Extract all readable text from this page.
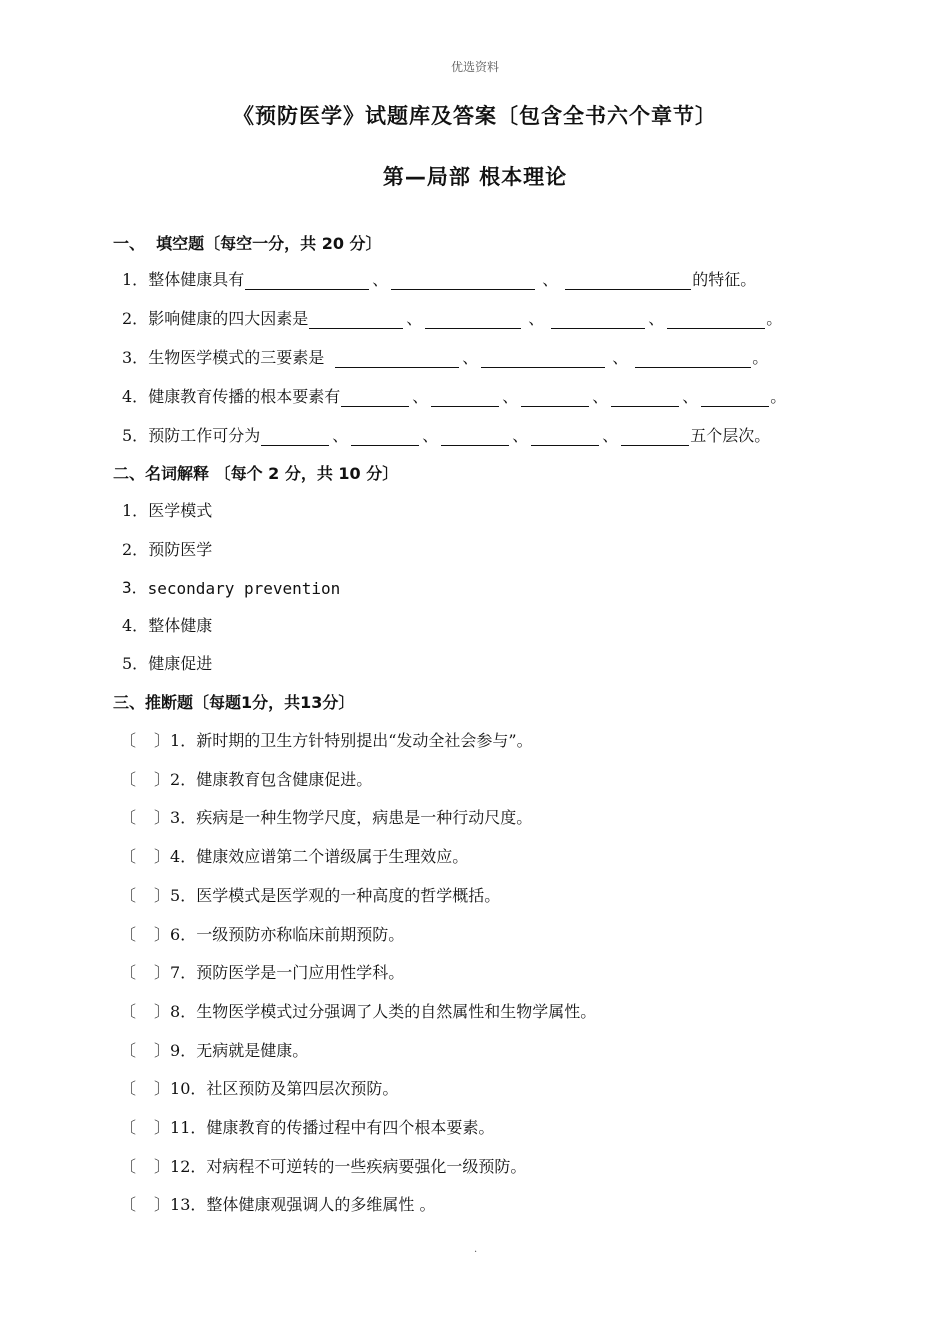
优选资料
《预防医学》试题库及答案〔包含全书六个章节〕
第—局部 根本理论
一、  填空题〔每空一分，共 20 分〕
1． 整体健康具有	、	、	的特征。
2． 影响健康的四大因素是	、	、	、	。
3． 生物医学模式的三要素是	、	、	。
4． 健康教育传播的根本要素有	、	、	、	、	。
5． 预防工作可分为	、	、	、	、	五个层次。
二、名词解释 〔每个 2 分，共 10 分〕
1． 医学模式
2． 预防医学
3． secondary prevention
4． 整体健康
5． 健康促进
三、推断题〔每题1分，共13分〕
〔 〕 1． 新时期的卫生方针特别提出“发动全社会参与”。
〔 〕 2． 健康教育包含健康促进。
〔 〕 3． 疾病是一种生物学尺度，病患是一种行动尺度。
〔 〕 4． 健康效应谱第二个谱级属于生理效应。
〔 〕 5． 医学模式是医学观的一种高度的哲学概括。
〔 〕 6． 一级预防亦称临床前期预防。
〔 〕 7． 预防医学是一门应用性学科。
〔 〕 8． 生物医学模式过分强调了人类的自然属性和生物学属性。
〔 〕 9． 无病就是健康。
〔 〕 10． 社区预防及第四层次预防。
〔 〕 11． 健康教育的传播过程中有四个根本要素。
〔 〕 12． 对病程不可逆转的一些疾病要强化一级预防。
〔 〕 13． 整体健康观强调人的多维属性 。
.
